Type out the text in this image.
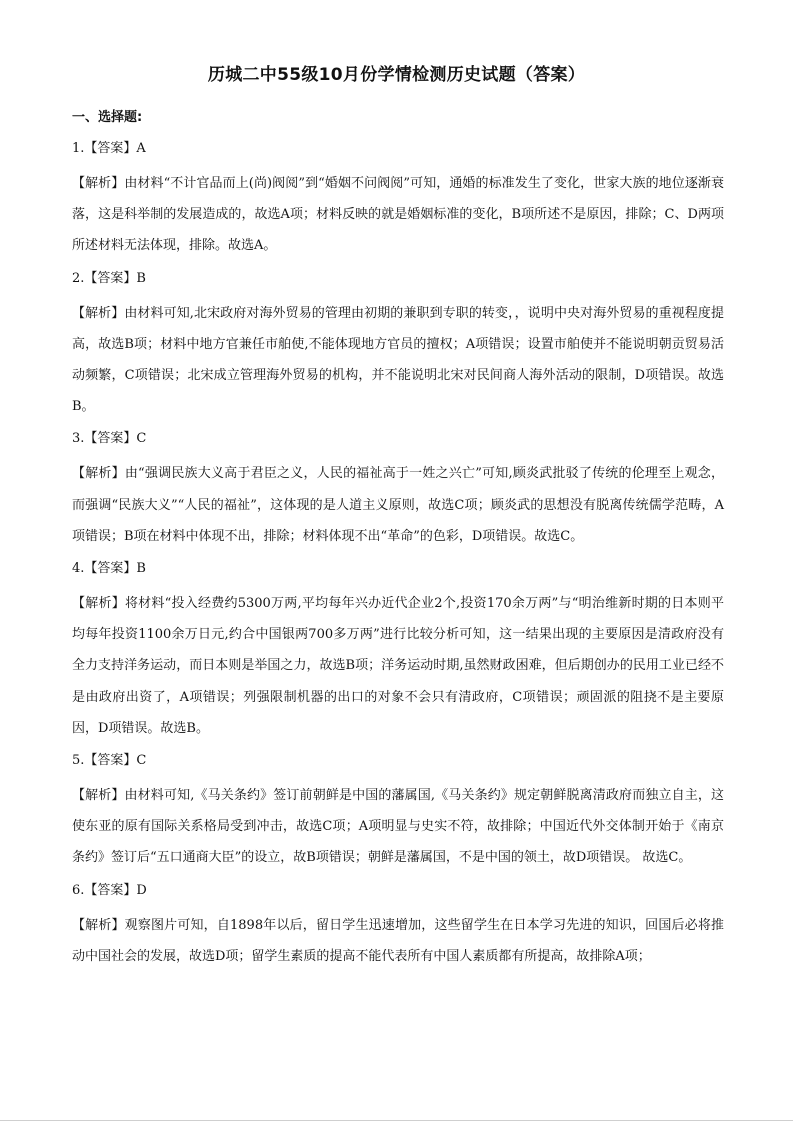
历城二中55级10月份学情检测历史试题（答案）

一、选择题:

1.【答案】A

【解析】由材料“不计官品而上(尚)阀阅”到“婚姻不问阀阅”可知，通婚的标准发生了变化，世家大族的地位逐渐衰落，这是科举制的发展造成的，故选A项；材料反映的就是婚姻标准的变化，B项所述不是原因，排除；C、D两项所述材料无法体现，排除。故选A。

2.【答案】B

【解析】由材料可知,北宋政府对海外贸易的管理由初期的兼职到专职的转变，，说明中央对海外贸易的重视程度提高，故选B项；材料中地方官兼任市舶使,不能体现地方官员的擅权；A项错误；设置市舶使并不能说明朝贡贸易活动频繁，C项错误；北宋成立管理海外贸易的机构，并不能说明北宋对民间商人海外活动的限制，D项错误。故选B。

3.【答案】C

【解析】由“强调民族大义高于君臣之义，人民的福祉高于一姓之兴亡”可知,顾炎武批驳了传统的伦理至上观念，而强调“民族大义”“人民的福祉”，这体现的是人道主义原则，故选C项；顾炎武的思想没有脱离传统儒学范畴，A项错误；B项在材料中体现不出，排除；材料体现不出“革命”的色彩，D项错误。故选C。

4.【答案】B

【解析】将材料“投入经费约5300万两,平均每年兴办近代企业2个,投资170余万两”与“明治维新时期的日本则平均每年投资1100余万日元,约合中国银两700多万两”进行比较分析可知，这一结果出现的主要原因是清政府没有全力支持洋务运动，而日本则是举国之力，故选B项；洋务运动时期,虽然财政困难，但后期创办的民用工业已经不是由政府出资了，A项错误；列强限制机器的出口的对象不会只有清政府，C项错误；顽固派的阻挠不是主要原因，D项错误。故选B。

5.【答案】C

【解析】由材料可知,《马关条约》签订前朝鲜是中国的藩属国,《马关条约》规定朝鲜脱离清政府而独立自主，这使东亚的原有国际关系格局受到冲击，故选C项；A项明显与史实不符，故排除；中国近代外交体制开始于《南京条约》签订后“五口通商大臣”的设立，故B项错误；朝鲜是藩属国，不是中国的领土，故D项错误。 故选C。

6.【答案】D

【解析】观察图片可知，自1898年以后，留日学生迅速增加，这些留学生在日本学习先进的知识，回国后必将推动中国社会的发展，故选D项；留学生素质的提高不能代表所有中国人素质都有所提高，故排除A项；
